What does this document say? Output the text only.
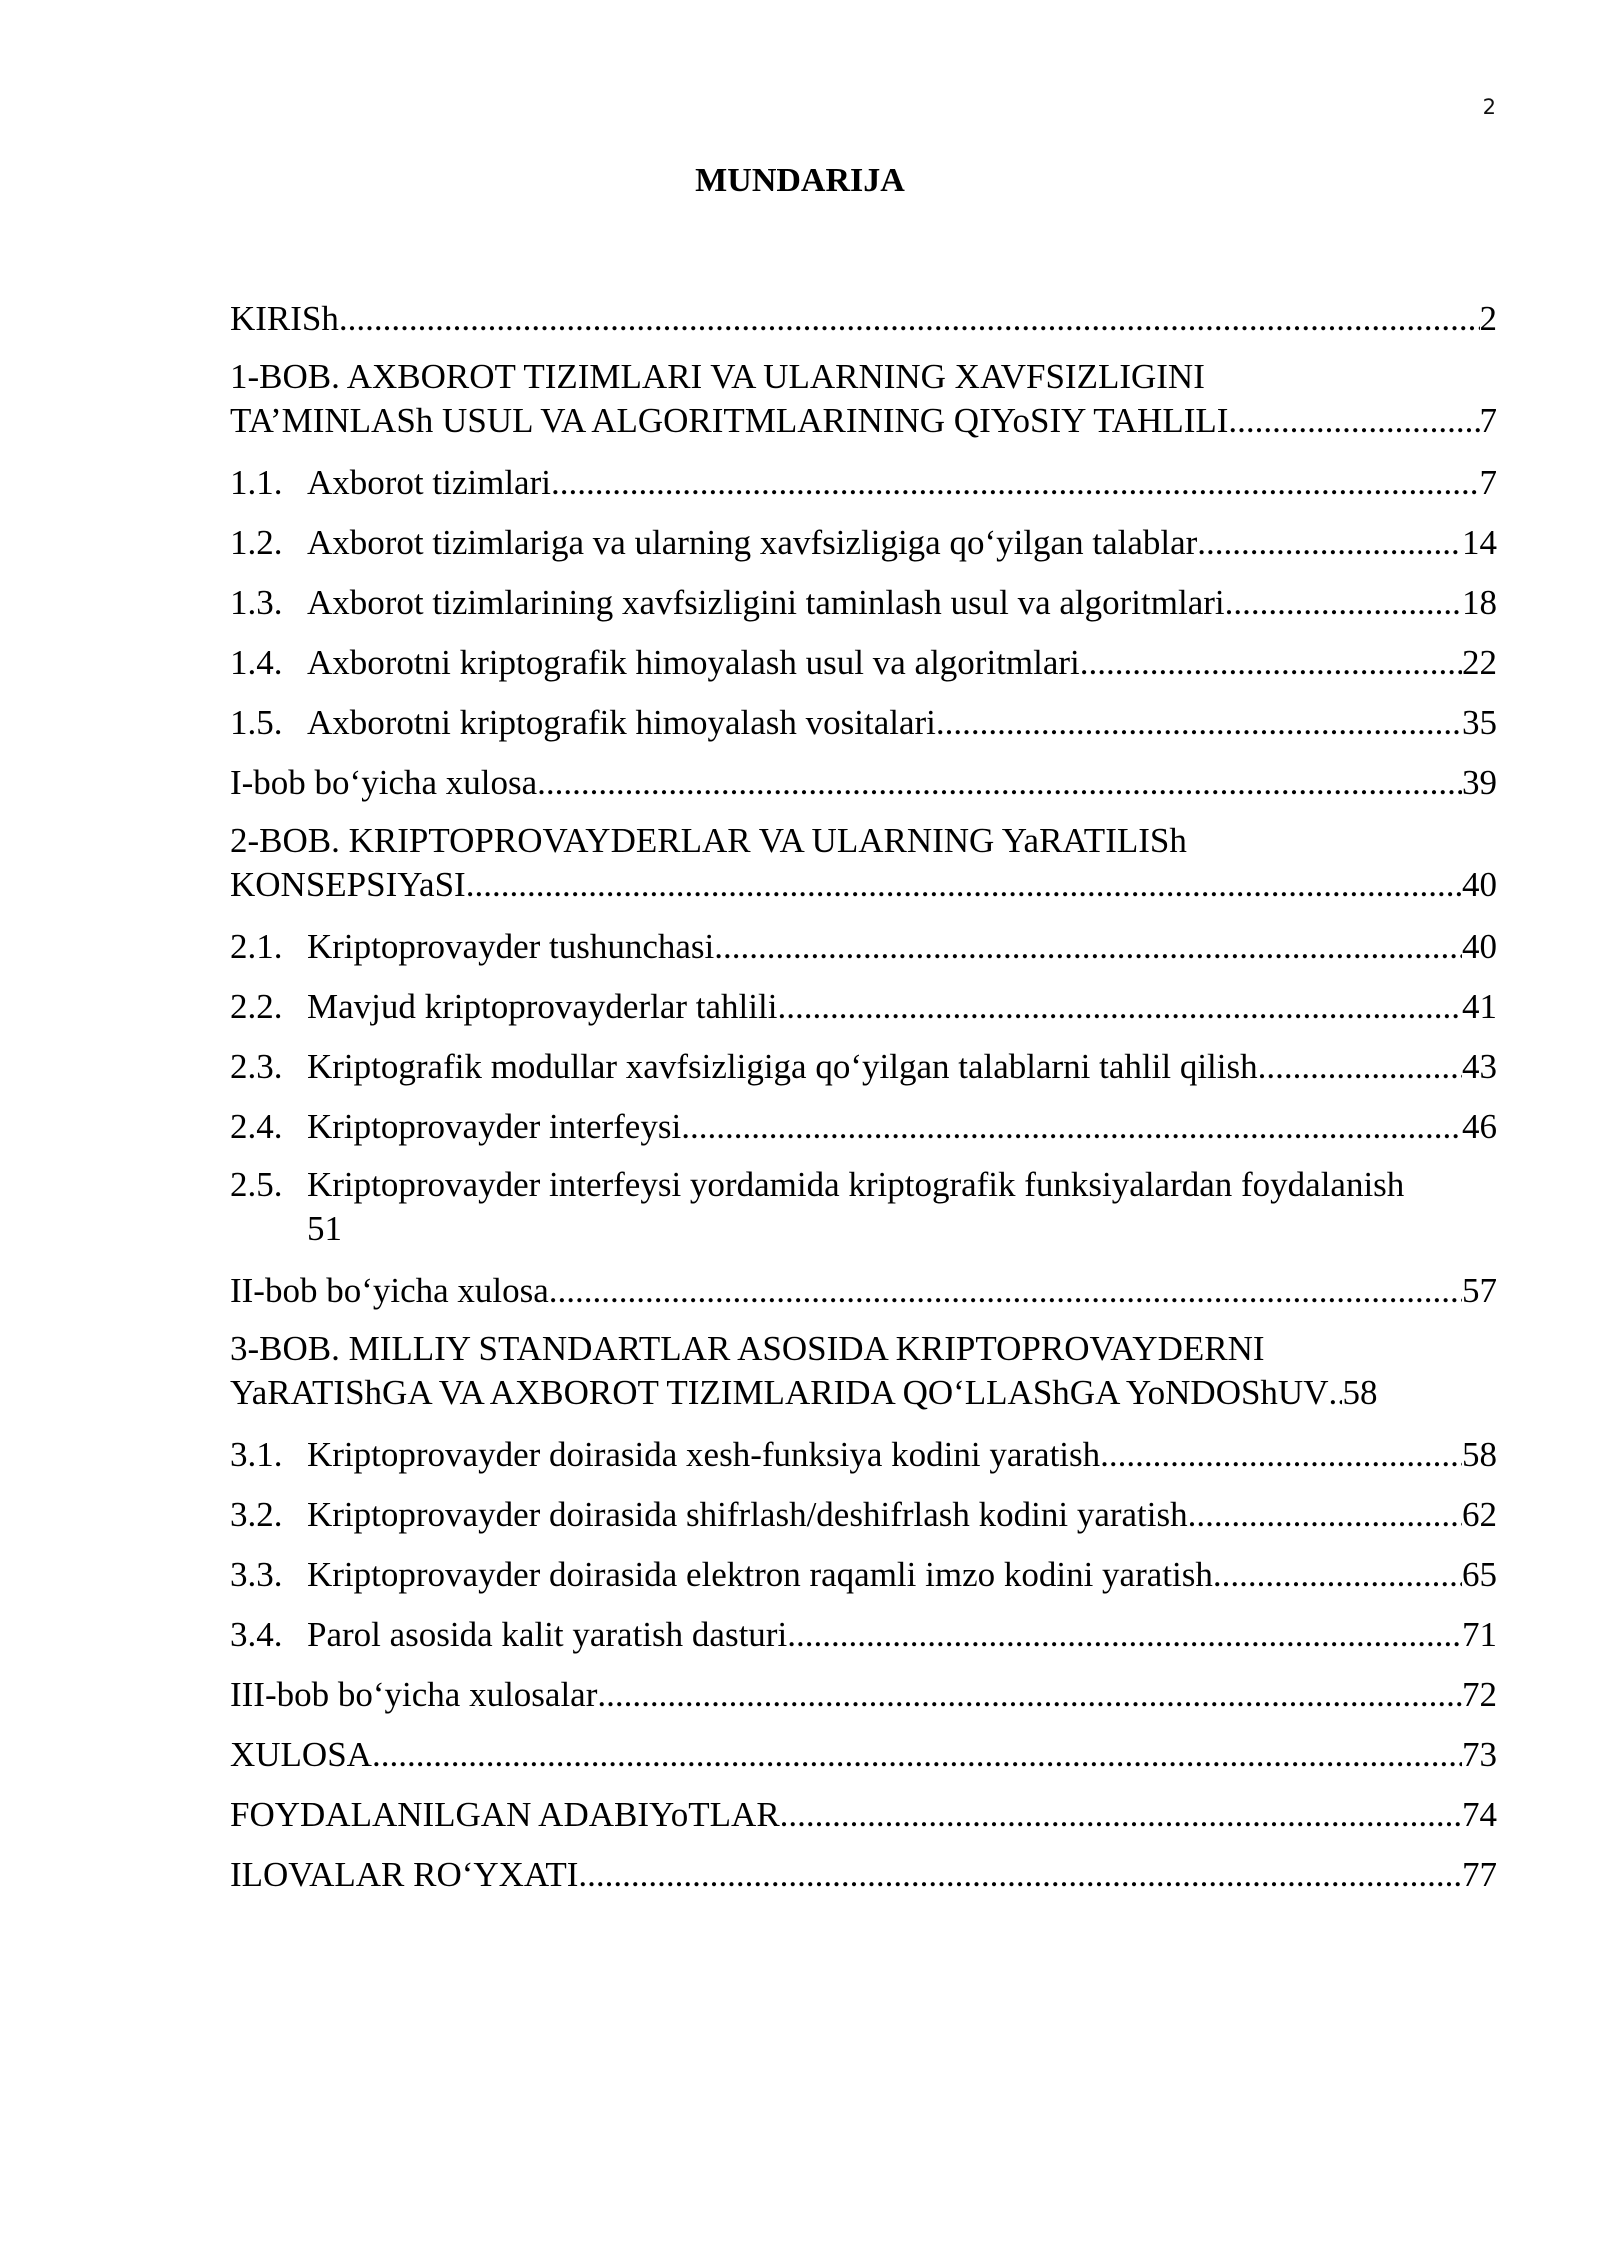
2
MUNDARIJA
KIRISh .....	2
1-BOB. AXBOROT TIZIMLARI VA ULARNING XAVFSIZLIGINI
TA’MINLASh USUL VA ALGORITMLARINING QIYoSIY TAHLILI .....	7
1.1. Axborot tizimlari .....	7
1.2. Axborot tizimlariga va ularning xavfsizligiga qo‘yilgan talablar .....	14
1.3. Axborot tizimlarining xavfsizligini taminlash usul va algoritmlari .....	18
1.4. Axborotni kriptografik himoyalash usul va algoritmlari .....	22
1.5. Axborotni kriptografik himoyalash vositalari .....	35
I-bob bo‘yicha xulosa .....	39
2-BOB. KRIPTOPROVAYDERLAR VA ULARNING YaRATILISh
KONSEPSIYaSI .....	40
2.1. Kriptoprovayder tushunchasi .....	40
2.2. Mavjud kriptoprovayderlar tahlili .....	41
2.3. Kriptografik modullar xavfsizligiga qo‘yilgan talablarni tahlil qilish .....	43
2.4. Kriptoprovayder interfeysi .....	46
2.5. Kriptoprovayder interfeysi yordamida kriptografik funksiyalardan foydalanish
51
II-bob bo‘yicha xulosa .....	57
3-BOB. MILLIY STANDARTLAR ASOSIDA KRIPTOPROVAYDERNI
YaRATIShGA VA AXBOROT TIZIMLARIDA QO‘LLAShGA YoNDOShUV ..... 58
3.1. Kriptoprovayder doirasida xesh-funksiya kodini yaratish .....	58
3.2. Kriptoprovayder doirasida shifrlash/deshifrlash kodini yaratish .....	62
3.3. Kriptoprovayder doirasida elektron raqamli imzo kodini yaratish .....	65
3.4. Parol asosida kalit yaratish dasturi .....	71
III-bob bo‘yicha xulosalar .....	72
XULOSA .....	73
FOYDALANILGAN ADABIYoTLAR .....	74
ILOVALAR RO‘YXATI .....	77
